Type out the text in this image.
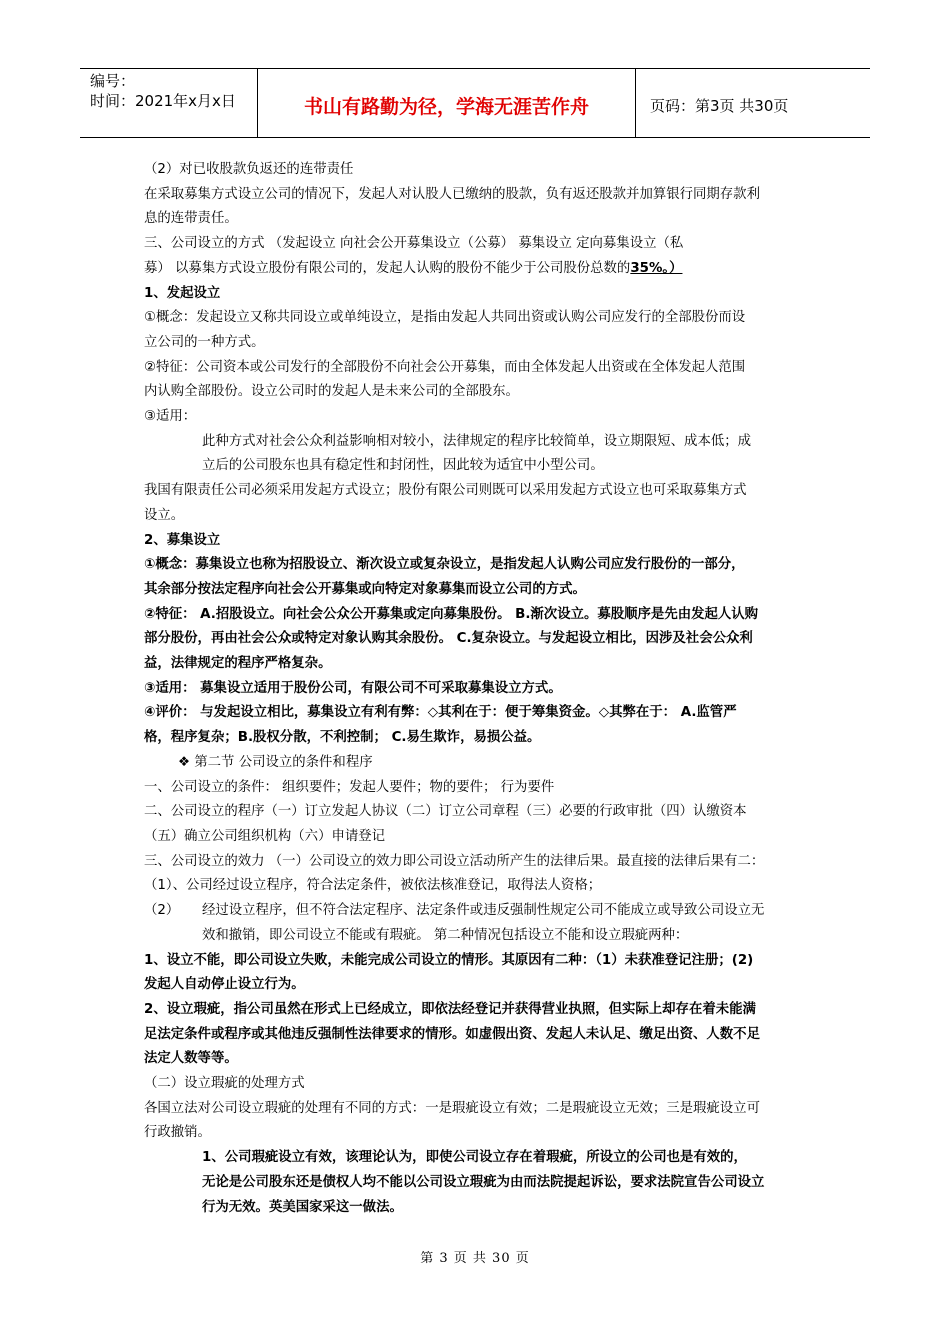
编号：
时间：2021年x月x日	书山有路勤为径，学海无涯苦作舟	页码：第3页 共30页

（2）对已收股款负返还的连带责任

在采取募集方式设立公司的情况下，发起人对认股人已缴纳的股款，负有返还股款并加算银行同期存款利

息的连带责任。

三、公司设立的方式 （发起设立 向社会公开募集设立（公募） 募集设立 定向募集设立（私

募） 以募集方式设立股份有限公司的，发起人认购的股份不能少于公司股份总数的35%。）

1、发起设立

①概念：发起设立又称共同设立或单纯设立，是指由发起人共同出资或认购公司应发行的全部股份而设

立公司的一种方式。

②特征：公司资本或公司发行的全部股份不向社会公开募集，而由全体发起人出资或在全体发起人范围

内认购全部股份。设立公司时的发起人是未来公司的全部股东。

③适用：

此种方式对社会公众利益影响相对较小，法律规定的程序比较简单，设立期限短、成本低；成

立后的公司股东也具有稳定性和封闭性，因此较为适宜中小型公司。

我国有限责任公司必须采用发起方式设立；股份有限公司则既可以采用发起方式设立也可采取募集方式

设立。

2、募集设立

①概念：募集设立也称为招股设立、渐次设立或复杂设立，是指发起人认购公司应发行股份的一部分，

其余部分按法定程序向社会公开募集或向特定对象募集而设立公司的方式。

②特征： A.招股设立。向社会公众公开募集或定向募集股份。 B.渐次设立。募股顺序是先由发起人认购

部分股份，再由社会公众或特定对象认购其余股份。 C.复杂设立。与发起设立相比，因涉及社会公众利

益，法律规定的程序严格复杂。

③适用： 募集设立适用于股份公司，有限公司不可采取募集设立方式。

④评价： 与发起设立相比，募集设立有利有弊：◇其利在于：便于筹集资金。◇其弊在于： A.监管严

格，程序复杂；B.股权分散，不利控制； C.易生欺诈，易损公益。

❖ 第二节 公司设立的条件和程序

一、公司设立的条件： 组织要件；发起人要件；物的要件； 行为要件

二、公司设立的程序（一）订立发起人协议（二）订立公司章程（三）必要的行政审批（四）认缴资本

（五）确立公司组织机构（六）申请登记

三、公司设立的效力 （一）公司设立的效力即公司设立活动所产生的法律后果。最直接的法律后果有二：

（1）、公司经过设立程序，符合法定条件，被依法核准登记，取得法人资格；

（2）	经过设立程序，但不符合法定程序、法定条件或违反强制性规定公司不能成立或导致公司设立无
效和撤销，即公司设立不能或有瑕疵。 第二种情况包括设立不能和设立瑕疵两种：

1、设立不能，即公司设立失败，未能完成公司设立的情形。其原因有二种：（1）未获准登记注册；(2)

发起人自动停止设立行为。

2、设立瑕疵，指公司虽然在形式上已经成立，即依法经登记并获得营业执照，但实际上却存在着未能满

足法定条件或程序或其他违反强制性法律要求的情形。如虚假出资、发起人未认足、缴足出资、人数不足

法定人数等等。

（二）设立瑕疵的处理方式

各国立法对公司设立瑕疵的处理有不同的方式：一是瑕疵设立有效；二是瑕疵设立无效；三是瑕疵设立可

行政撤销。

1、公司瑕疵设立有效，该理论认为，即使公司设立存在着瑕疵，所设立的公司也是有效的，

无论是公司股东还是债权人均不能以公司设立瑕疵为由而法院提起诉讼，要求法院宣告公司设立

行为无效。英美国家采这一做法。

第 3 页 共 30 页
